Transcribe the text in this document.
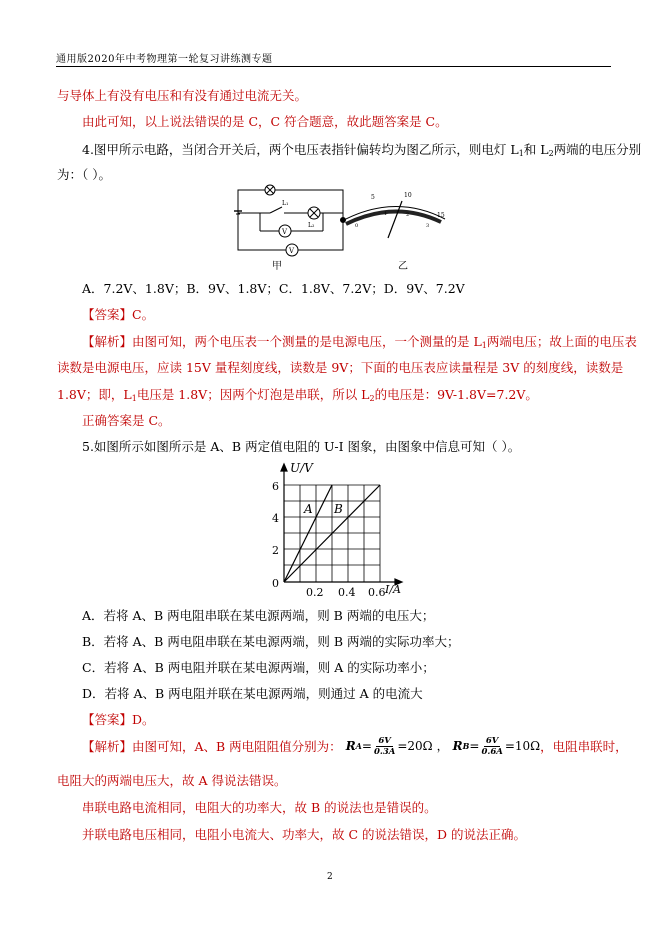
通用版2020年中考物理第一轮复习讲练测专题

与导体上有没有电压和有没有通过电流无关。

由此可知，以上说法错误的是 C，C 符合题意，故此题答案是 C。

4.图甲所示电路，当闭合开关后，两个电压表指针偏转均为图乙所示，则电灯 $L_1$和 $L_2$两端的电压分别

为：（ ）。

L₁
L₂
V
V
甲
5	10
15
0
1	2
3
乙

A．7.2V、1.8V；B．9V、1.8V；C．1.8V、7.2V；D．9V、7.2V

【答案】C。

【解析】由图可知，两个电压表一个测量的是电源电压，一个测量的是 $L_1$两端电压；故上面的电压表

读数是电源电压，应读 15V 量程刻度线，读数是 9V；下面的电压表应读量程是 3V 的刻度线，读数是

1.8V；即，$L_1$电压是 1.8V；因两个灯泡是串联，所以 $L_2$的电压是：9V-1.8V=7.2V。

正确答案是 C。

5.如图所示如图所示是 A、B 两定值电阻的 U-I 图象，由图象中信息可知（ ）。

U/V
I/A
6
4
2
0
0.2 0.4 0.6
A B

A．若将 A、B 两电阻串联在某电源两端，则 B 两端的电压大；

B．若将 A、B 两电阻串联在某电源两端，则 B 两端的实际功率大；

C．若将 A、B 两电阻并联在某电源两端，则 A 的实际功率小；

D．若将 A、B 两电阻并联在某电源两端，则通过 A 的电流大

【答案】D。

【解析】由图可知，A、B 两电阻阻值分别为： R $A = \frac{6V}{0.3A} =20\Omega$ ， R $B = \frac{6V}{0.6A} =10\Omega$ ，电阻串联时，

电阻大的两端电压大，故 A 得说法错误。

串联电路电流相同，电阻大的功率大，故 B 的说法也是错误的。

并联电路电压相同，电阻小电流大、功率大，故 C 的说法错误，D 的说法正确。

2
